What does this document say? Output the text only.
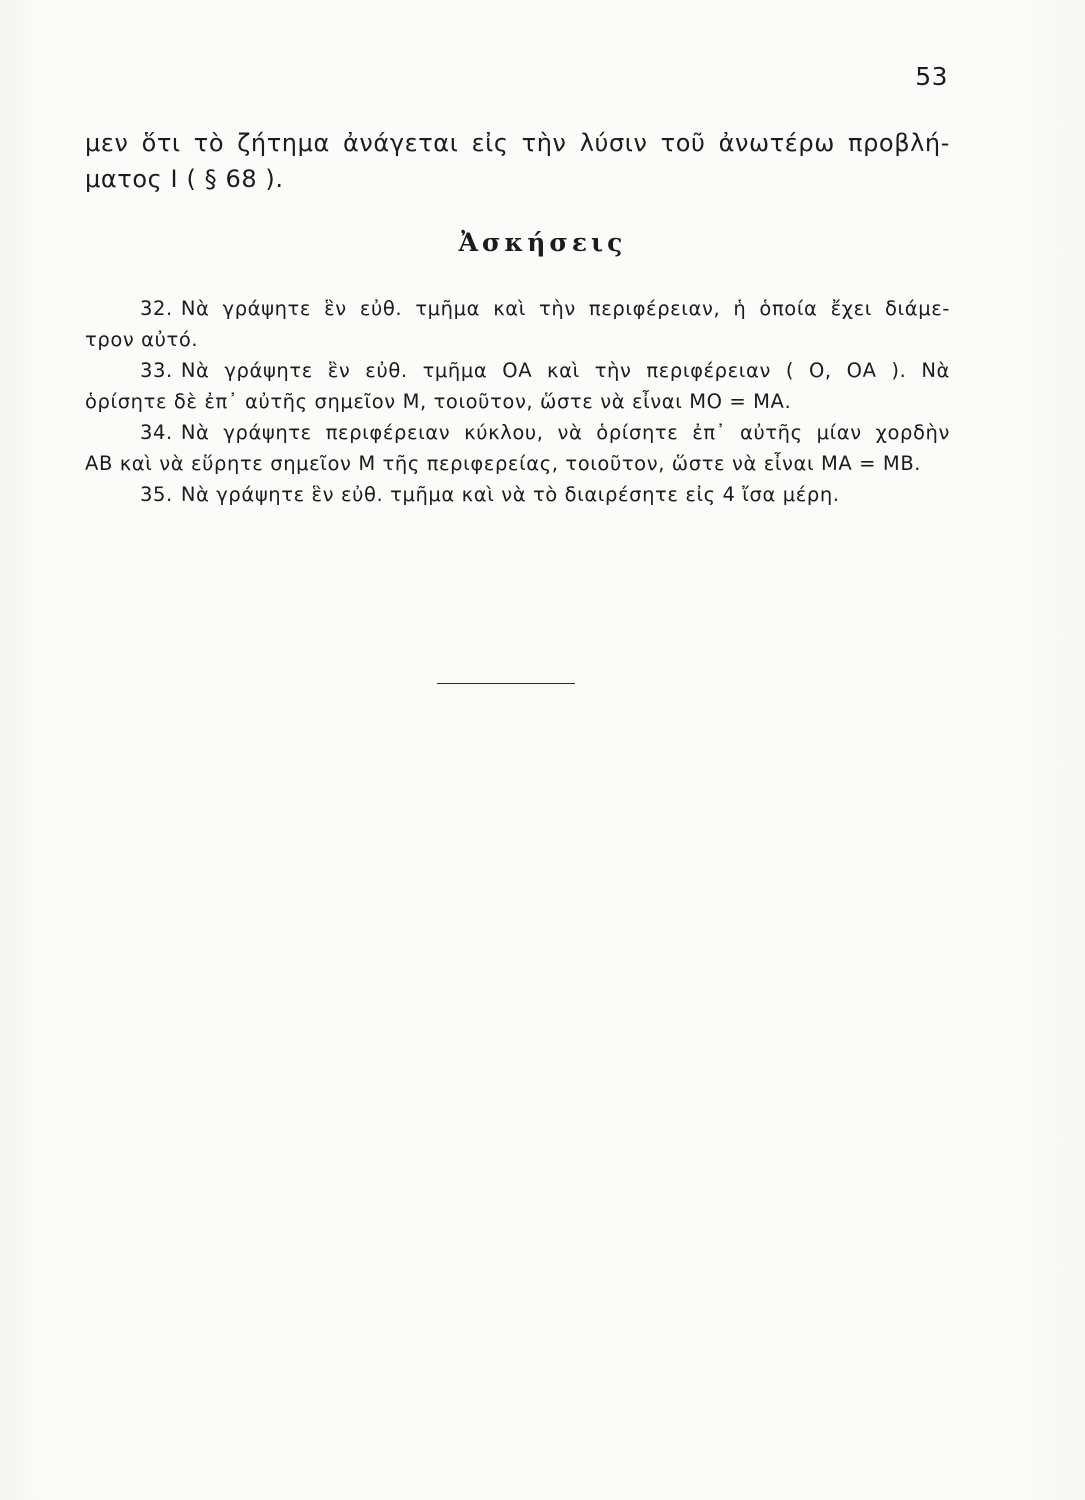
53
μεν ὅτι τὸ ζήτημα ἀνάγεται εἰς τὴν λύσιν τοῦ ἀνωτέρω προβλή-
ματος I ( § 68 ).
Ἀσκήσεις
32. Νὰ γράψητε ἓν εὐθ. τμῆμα καὶ τὴν περιφέρειαν, ἡ ὁποία ἔχει διάμε-
τρον αὐτό.
33. Νὰ γράψητε ἓν εὐθ. τμῆμα ΟΑ καὶ τὴν περιφέρειαν ( Ο, ΟΑ ). Νὰ
ὁρίσητε δὲ ἐπ᾽ αὐτῆς σημεῖον Μ, τοιοῦτον, ὥστε νὰ εἶναι ΜΟ = ΜΑ.
34. Νὰ γράψητε περιφέρειαν κύκλου, νὰ ὁρίσητε ἐπ᾽ αὐτῆς μίαν χορδὴν
ΑΒ καὶ νὰ εὕρητε σημεῖον Μ τῆς περιφερείας, τοιοῦτον, ὥστε νὰ εἶναι ΜΑ = ΜΒ.
35. Νὰ γράψητε ἓν εὐθ. τμῆμα καὶ νὰ τὸ διαιρέσητε εἰς 4 ἴσα μέρη.
